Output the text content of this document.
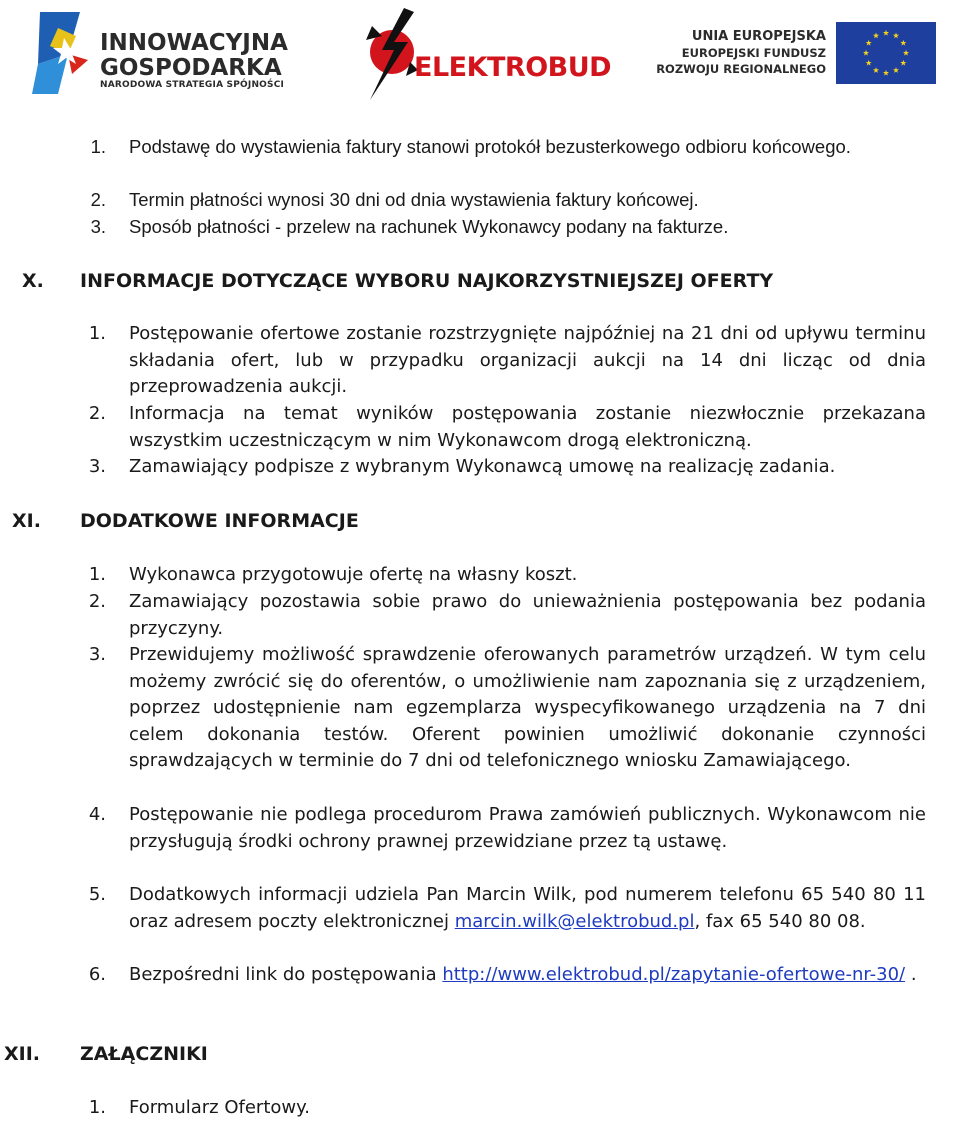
INNOWACYJNA
GOSPODARKA
NARODOWA STRATEGIA SPÓJNOŚCI
ELEKTROBUD
UNIA EUROPEJSKA
EUROPEJSKI FUNDUSZ
ROZWOJU REGIONALNEGO
1. Podstawę do wystawienia faktury stanowi protokół bezusterkowego odbioru końcowego.
2. Termin płatności wynosi 30 dni od dnia wystawienia faktury końcowej.
3. Sposób płatności - przelew na rachunek Wykonawcy podany na fakturze.
X. INFORMACJE DOTYCZĄCE WYBORU NAJKORZYSTNIEJSZEJ OFERTY
1. Postępowanie ofertowe zostanie rozstrzygnięte najpóźniej na 21 dni od upływu terminu składania ofert, lub w przypadku organizacji aukcji na 14 dni licząc od dnia przeprowadzenia aukcji.
2. Informacja na temat wyników postępowania zostanie niezwłocznie przekazana wszystkim uczestniczącym w nim Wykonawcom drogą elektroniczną.
3. Zamawiający podpisze z wybranym Wykonawcą umowę na realizację zadania.
XI. DODATKOWE INFORMACJE
1. Wykonawca przygotowuje ofertę na własny koszt.
2. Zamawiający pozostawia sobie prawo do unieważnienia postępowania bez podania przyczyny.
3. Przewidujemy możliwość sprawdzenie oferowanych parametrów urządzeń. W tym celu możemy zwrócić się do oferentów, o umożliwienie nam zapoznania się z urządzeniem, poprzez udostępnienie nam egzemplarza wyspecyfikowanego urządzenia na 7 dni celem dokonania testów. Oferent powinien umożliwić dokonanie czynności sprawdzających w terminie do 7 dni od telefonicznego wniosku Zamawiającego.
4. Postępowanie nie podlega procedurom Prawa zamówień publicznych. Wykonawcom nie przysługują środki ochrony prawnej przewidziane przez tą ustawę.
5. Dodatkowych informacji udziela Pan Marcin Wilk, pod numerem telefonu 65 540 80 11 oraz adresem poczty elektronicznej marcin.wilk@elektrobud.pl, fax 65 540 80 08.
6. Bezpośredni link do postępowania http://www.elektrobud.pl/zapytanie-ofertowe-nr-30/ .
XII. ZAŁĄCZNIKI
1. Formularz Ofertowy.
